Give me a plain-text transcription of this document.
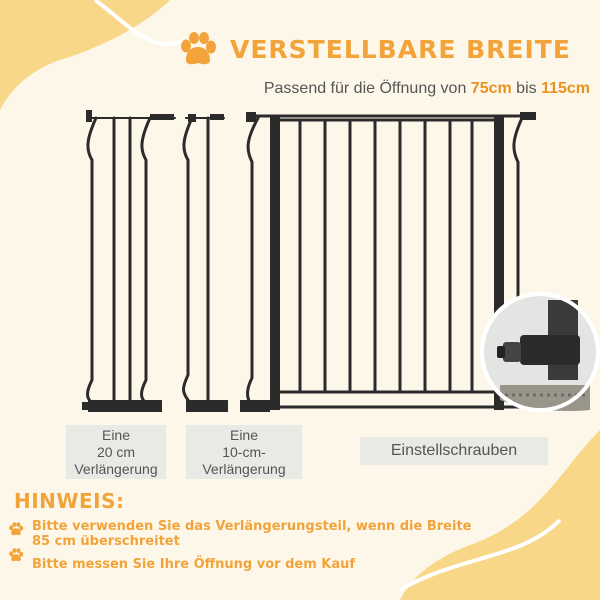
VERSTELLBARE BREITE
Passend für die Öffnung von 75cm bis 115cm
Eine
20 cm
Verlängerung
Eine
10-cm-
Verlängerung
Einstellschrauben
HINWEIS:
Bitte verwenden Sie das Verlängerungsteil, wenn die Breite
85 cm überschreitet
Bitte messen Sie Ihre Öffnung vor dem Kauf
